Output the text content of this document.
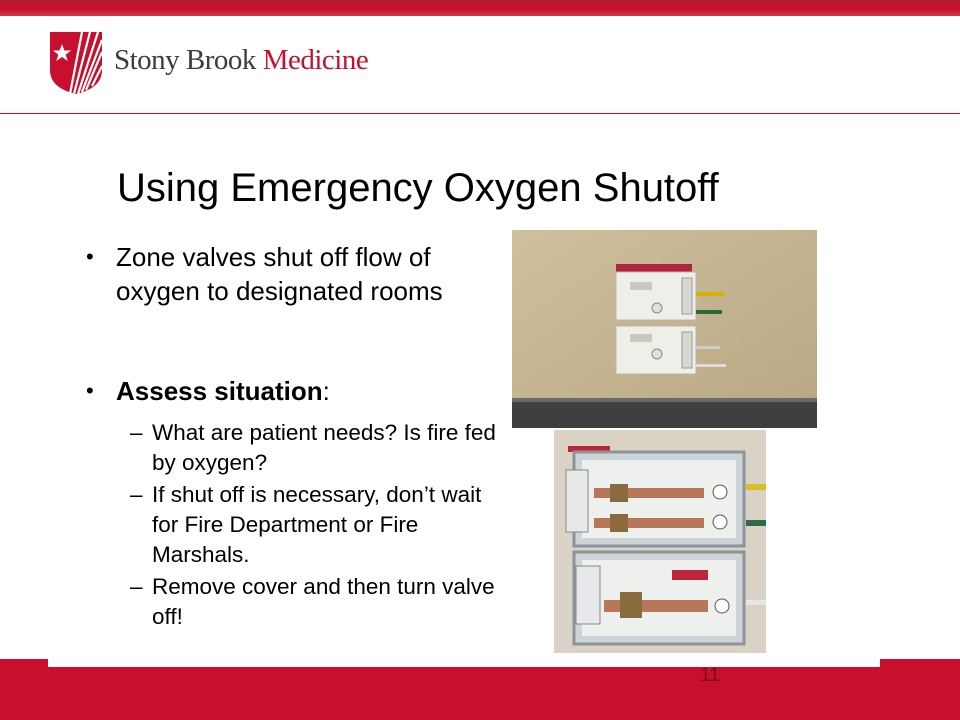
Stony Brook Medicine
Using Emergency Oxygen Shutoff
• Zone valves shut off flow of oxygen to designated rooms
• Assess situation:
– What are patient needs? Is fire fed by oxygen?
– If shut off is necessary, don’t wait for Fire Department or Fire Marshals.
– Remove cover and then turn valve off!
11
